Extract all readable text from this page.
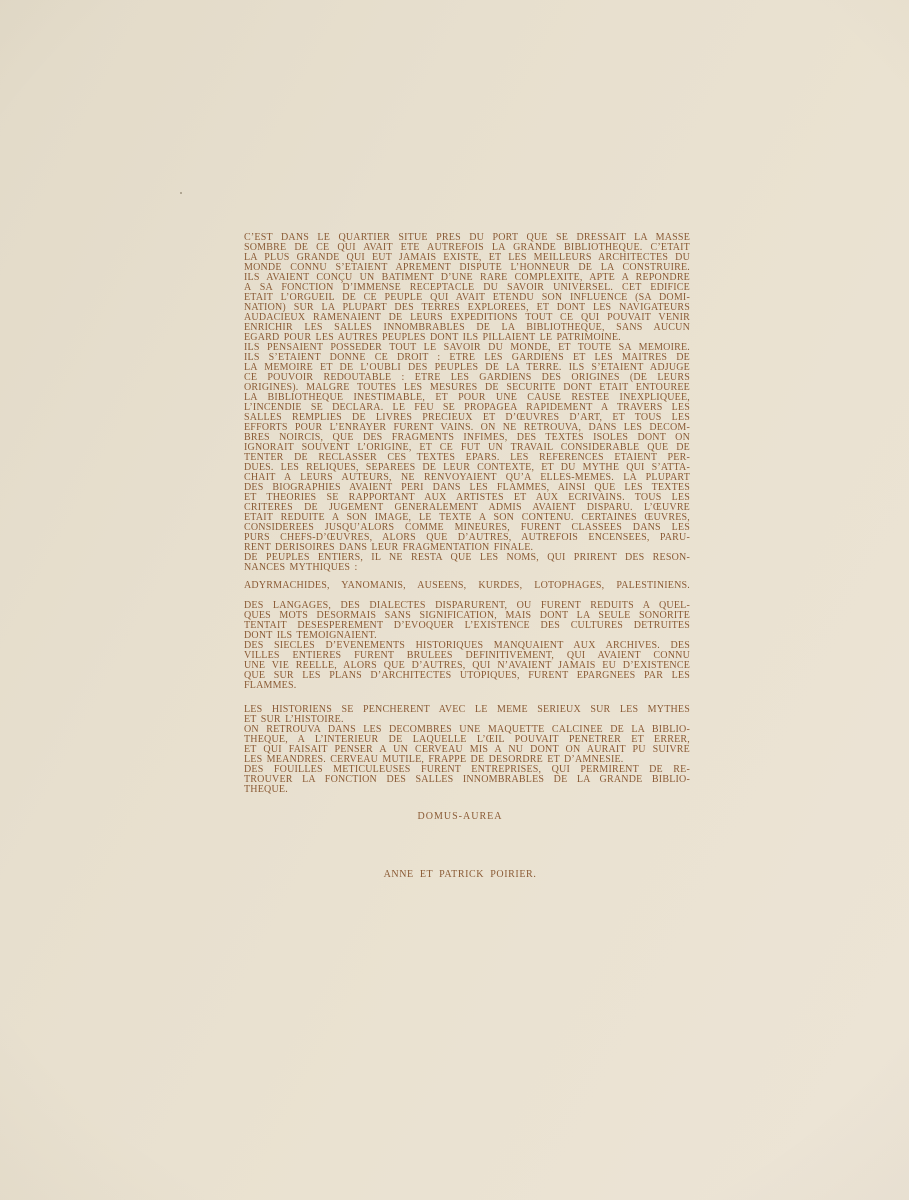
C’EST DANS LE QUARTIER SITUE PRES DU PORT QUE SE DRESSAIT LA MASSE
SOMBRE DE CE QUI AVAIT ETE AUTREFOIS LA GRANDE BIBLIOTHEQUE. C’ETAIT
LA PLUS GRANDE QUI EUT JAMAIS EXISTE, ET LES MEILLEURS ARCHITECTES DU
MONDE CONNU S’ETAIENT APREMENT DISPUTE L’HONNEUR DE LA CONSTRUIRE.
ILS AVAIENT CONÇU UN BATIMENT D’UNE RARE COMPLEXITE, APTE A REPONDRE
A SA FONCTION D’IMMENSE RECEPTACLE DU SAVOIR UNIVERSEL. CET EDIFICE
ETAIT L’ORGUEIL DE CE PEUPLE QUI AVAIT ETENDU SON INFLUENCE (SA DOMI-
NATION) SUR LA PLUPART DES TERRES EXPLOREES, ET DONT LES NAVIGATEURS
AUDACIEUX RAMENAIENT DE LEURS EXPEDITIONS TOUT CE QUI POUVAIT VENIR
ENRICHIR LES SALLES INNOMBRABLES DE LA BIBLIOTHEQUE, SANS AUCUN
EGARD POUR LES AUTRES PEUPLES DONT ILS PILLAIENT LE PATRIMOINE.
ILS PENSAIENT POSSEDER TOUT LE SAVOIR DU MONDE, ET TOUTE SA MEMOIRE.
ILS S’ETAIENT DONNE CE DROIT : ETRE LES GARDIENS ET LES MAITRES DE
LA MEMOIRE ET DE L’OUBLI DES PEUPLES DE LA TERRE. ILS S’ETAIENT ADJUGE
CE POUVOIR REDOUTABLE : ETRE LES GARDIENS DES ORIGINES (DE LEURS
ORIGINES). MALGRE TOUTES LES MESURES DE SECURITE DONT ETAIT ENTOUREE
LA BIBLIOTHEQUE INESTIMABLE, ET POUR UNE CAUSE RESTEE INEXPLIQUEE,
L’INCENDIE SE DECLARA. LE FEU SE PROPAGEA RAPIDEMENT A TRAVERS LES
SALLES REMPLIES DE LIVRES PRECIEUX ET D’ŒUVRES D’ART, ET TOUS LES
EFFORTS POUR L’ENRAYER FURENT VAINS. ON NE RETROUVA, DANS LES DECOM-
BRES NOIRCIS, QUE DES FRAGMENTS INFIMES, DES TEXTES ISOLES DONT ON
IGNORAIT SOUVENT L’ORIGINE, ET CE FUT UN TRAVAIL CONSIDERABLE QUE DE
TENTER DE RECLASSER CES TEXTES EPARS. LES REFERENCES ETAIENT PER-
DUES. LES RELIQUES, SEPAREES DE LEUR CONTEXTE, ET DU MYTHE QUI S’ATTA-
CHAIT A LEURS AUTEURS, NE RENVOYAIENT QU’A ELLES-MEMES. LA PLUPART
DES BIOGRAPHIES AVAIENT PERI DANS LES FLAMMES, AINSI QUE LES TEXTES
ET THEORIES SE RAPPORTANT AUX ARTISTES ET AUX ECRIVAINS. TOUS LES
CRITERES DE JUGEMENT GENERALEMENT ADMIS AVAIENT DISPARU. L’ŒUVRE
ETAIT REDUITE A SON IMAGE, LE TEXTE A SON CONTENU. CERTAINES ŒUVRES,
CONSIDEREES JUSQU’ALORS COMME MINEURES, FURENT CLASSEES DANS LES
PURS CHEFS-D’ŒUVRES, ALORS QUE D’AUTRES, AUTREFOIS ENCENSEES, PARU-
RENT DERISOIRES DANS LEUR FRAGMENTATION FINALE.
DE PEUPLES ENTIERS, IL NE RESTA QUE LES NOMS, QUI PRIRENT DES RESON-
NANCES MYTHIQUES :
ADYRMACHIDES, YANOMANIS, AUSEENS, KURDES, LOTOPHAGES, PALESTINIENS.
DES LANGAGES, DES DIALECTES DISPARURENT, OU FURENT REDUITS A QUEL-
QUES MOTS DESORMAIS SANS SIGNIFICATION, MAIS DONT LA SEULE SONORITE
TENTAIT DESESPEREMENT D’EVOQUER L’EXISTENCE DES CULTURES DETRUITES
DONT ILS TEMOIGNAIENT.
DES SIECLES D’EVENEMENTS HISTORIQUES MANQUAIENT AUX ARCHIVES. DES
VILLES ENTIERES FURENT BRULEES DEFINITIVEMENT, QUI AVAIENT CONNU
UNE VIE REELLE, ALORS QUE D’AUTRES, QUI N’AVAIENT JAMAIS EU D’EXISTENCE
QUE SUR LES PLANS D’ARCHITECTES UTOPIQUES, FURENT EPARGNEES PAR LES
FLAMMES.
LES HISTORIENS SE PENCHERENT AVEC LE MEME SERIEUX SUR LES MYTHES
ET SUR L’HISTOIRE.
ON RETROUVA DANS LES DECOMBRES UNE MAQUETTE CALCINEE DE LA BIBLIO-
THEQUE, A L’INTERIEUR DE LAQUELLE L’ŒIL POUVAIT PENETRER ET ERRER,
ET QUI FAISAIT PENSER A UN CERVEAU MIS A NU DONT ON AURAIT PU SUIVRE
LES MEANDRES. CERVEAU MUTILE, FRAPPE DE DESORDRE ET D’AMNESIE.
DES FOUILLES METICULEUSES FURENT ENTREPRISES, QUI PERMIRENT DE RE-
TROUVER LA FONCTION DES SALLES INNOMBRABLES DE LA GRANDE BIBLIO-
THEQUE.
DOMUS-AUREA
ANNE ET PATRICK POIRIER.
